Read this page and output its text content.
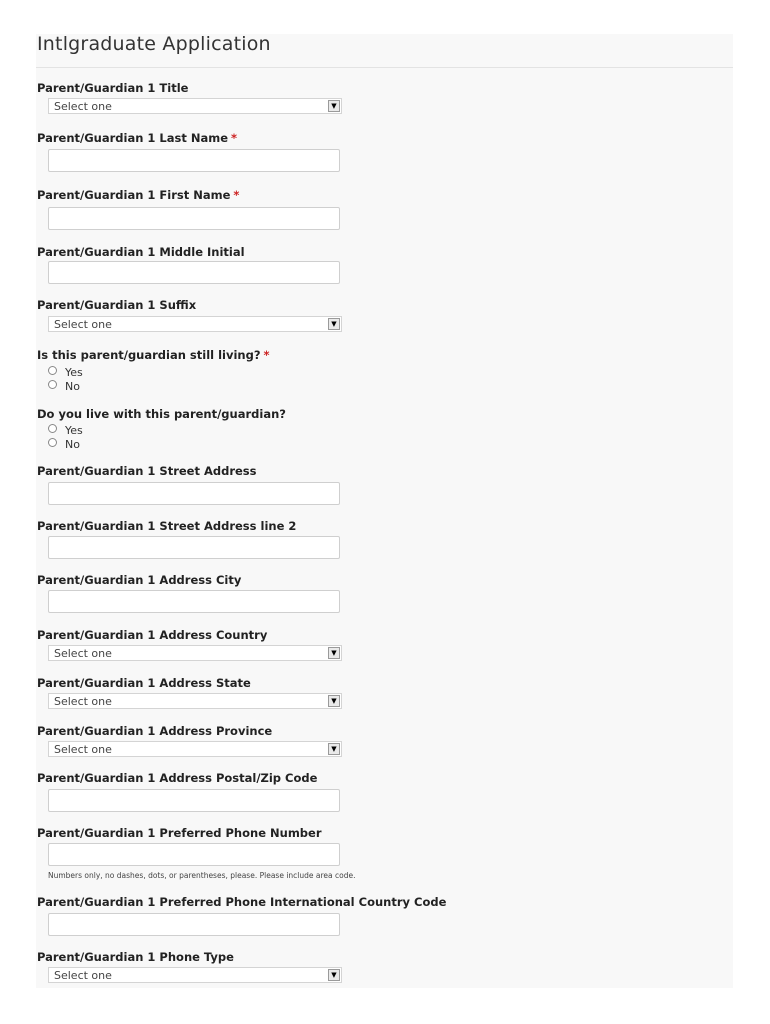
Intlgraduate Application
Parent/Guardian 1 Title
Select one	▼
Parent/Guardian 1 Last Name *
Parent/Guardian 1 First Name *
Parent/Guardian 1 Middle Initial
Parent/Guardian 1 Suffix
Select one	▼
Is this parent/guardian still living? *
Yes
No
Do you live with this parent/guardian?
Yes
No
Parent/Guardian 1 Street Address
Parent/Guardian 1 Street Address line 2
Parent/Guardian 1 Address City
Parent/Guardian 1 Address Country
Select one	▼
Parent/Guardian 1 Address State
Select one	▼
Parent/Guardian 1 Address Province
Select one	▼
Parent/Guardian 1 Address Postal/Zip Code
Parent/Guardian 1 Preferred Phone Number
Numbers only, no dashes, dots, or parentheses, please. Please include area code.
Parent/Guardian 1 Preferred Phone International Country Code
Parent/Guardian 1 Phone Type
Select one	▼
